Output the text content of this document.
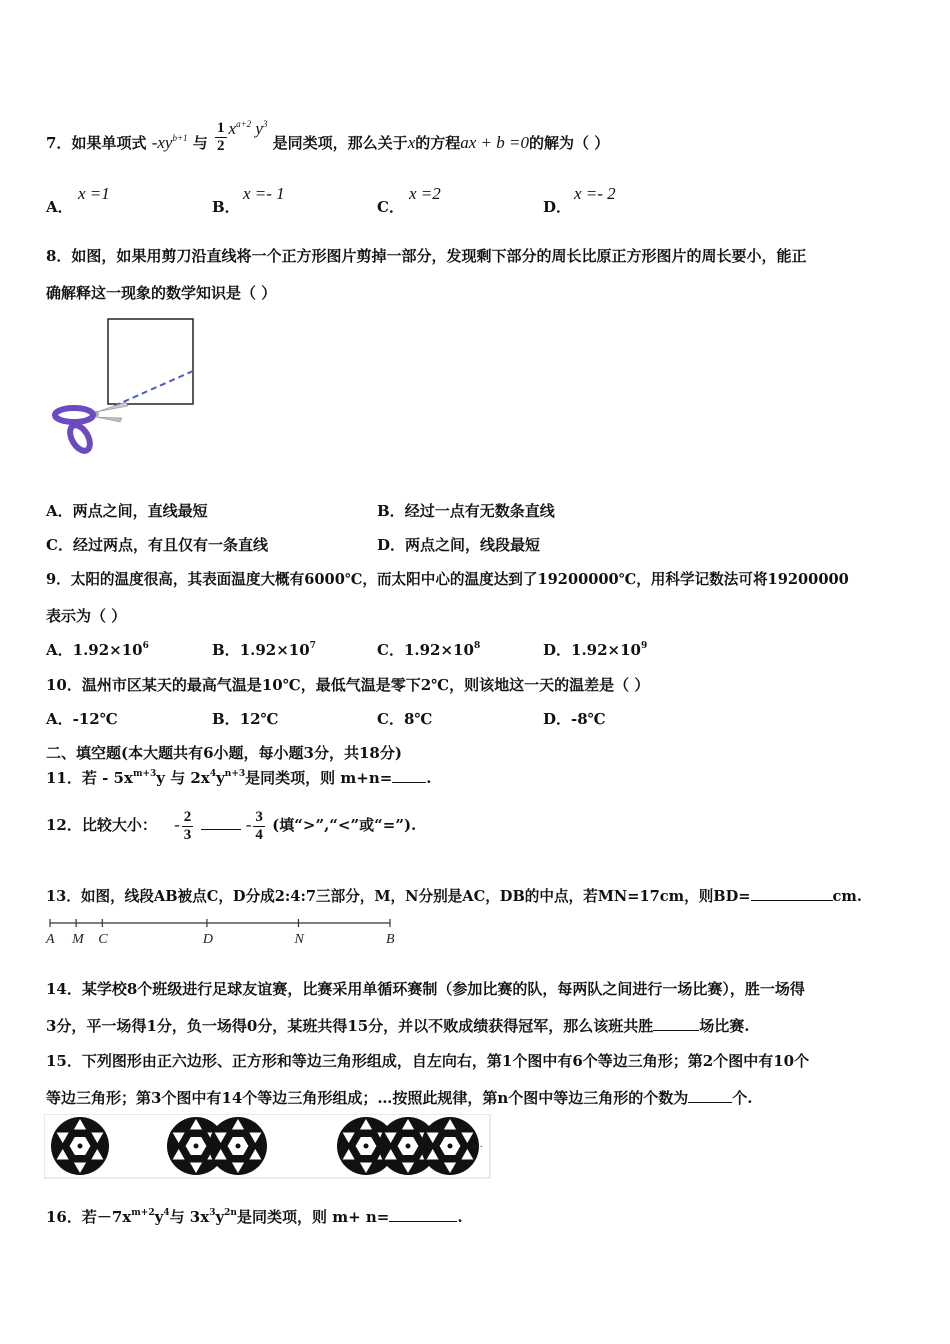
7．如果单项式 $-xy^{b+1}$ 与 $\frac{1}{2} x^{a+2}$ $y^3$ 是同类项，那么关于x的方程ax + b =0的解为（ ）
A．
x =1
B．
x =- 1
C．
x =2
D．
x =- 2
8．如图，如果用剪刀沿直线将一个正方形图片剪掉一部分，发现剩下部分的周长比原正方形图片的周长要小，能正
确解释这一现象的数学知识是（ ）
A．两点之间，直线最短	B．经过一点有无数条直线
C．经过两点，有且仅有一条直线	D．两点之间，线段最短
9．太阳的温度很高，其表面温度大概有6000℃，而太阳中心的温度达到了19200000℃，用科学记数法可将19200000
表示为（ ）
A．$1.92\times 10^6$	B．$1.92\times 10^7$	C．$1.92\times 10^8$	D．$1.92\times 10^9$
10．温州市区某天的最高气温是10℃，最低气温是零下2℃，则该地这一天的温差是（ ）
A．-12℃	B．12℃	C．8℃	D．-8℃
二、填空题(本大题共有6小题，每小题3分，共18分)
11．若 - $5x^{m+3}y$ 与 $2x^4y^{n+3}$是同类项，则 m+n= .
12．比较大小： - $\frac{2}{3}$	- $\frac{3}{4}$ (填“>”,“<”或“=”).
13．如图，线段AB被点C，D分成2:4:7三部分，M，N分别是AC，DB的中点，若MN=17cm，则BD=	cm.
A M C	D	N	B
14．某学校8个班级进行足球友谊赛，比赛采用单循环赛制（参加比赛的队，每两队之间进行一场比赛），胜一场得
3分，平一场得1分，负一场得0分，某班共得15分，并以不败成绩获得冠军，那么该班共胜	场比赛.
15．下列图形由正六边形、正方形和等边三角形组成，自左向右，第1个图中有6个等边三角形；第2个图中有10个
等边三角形；第3个图中有14个等边三角形组成；…按照此规律，第n个图中等边三角形的个数为	个.
···
16．若$-7x^{m+2}y^4$与 $3x^3y^{2n}$是同类项，则 m+ n=	.
